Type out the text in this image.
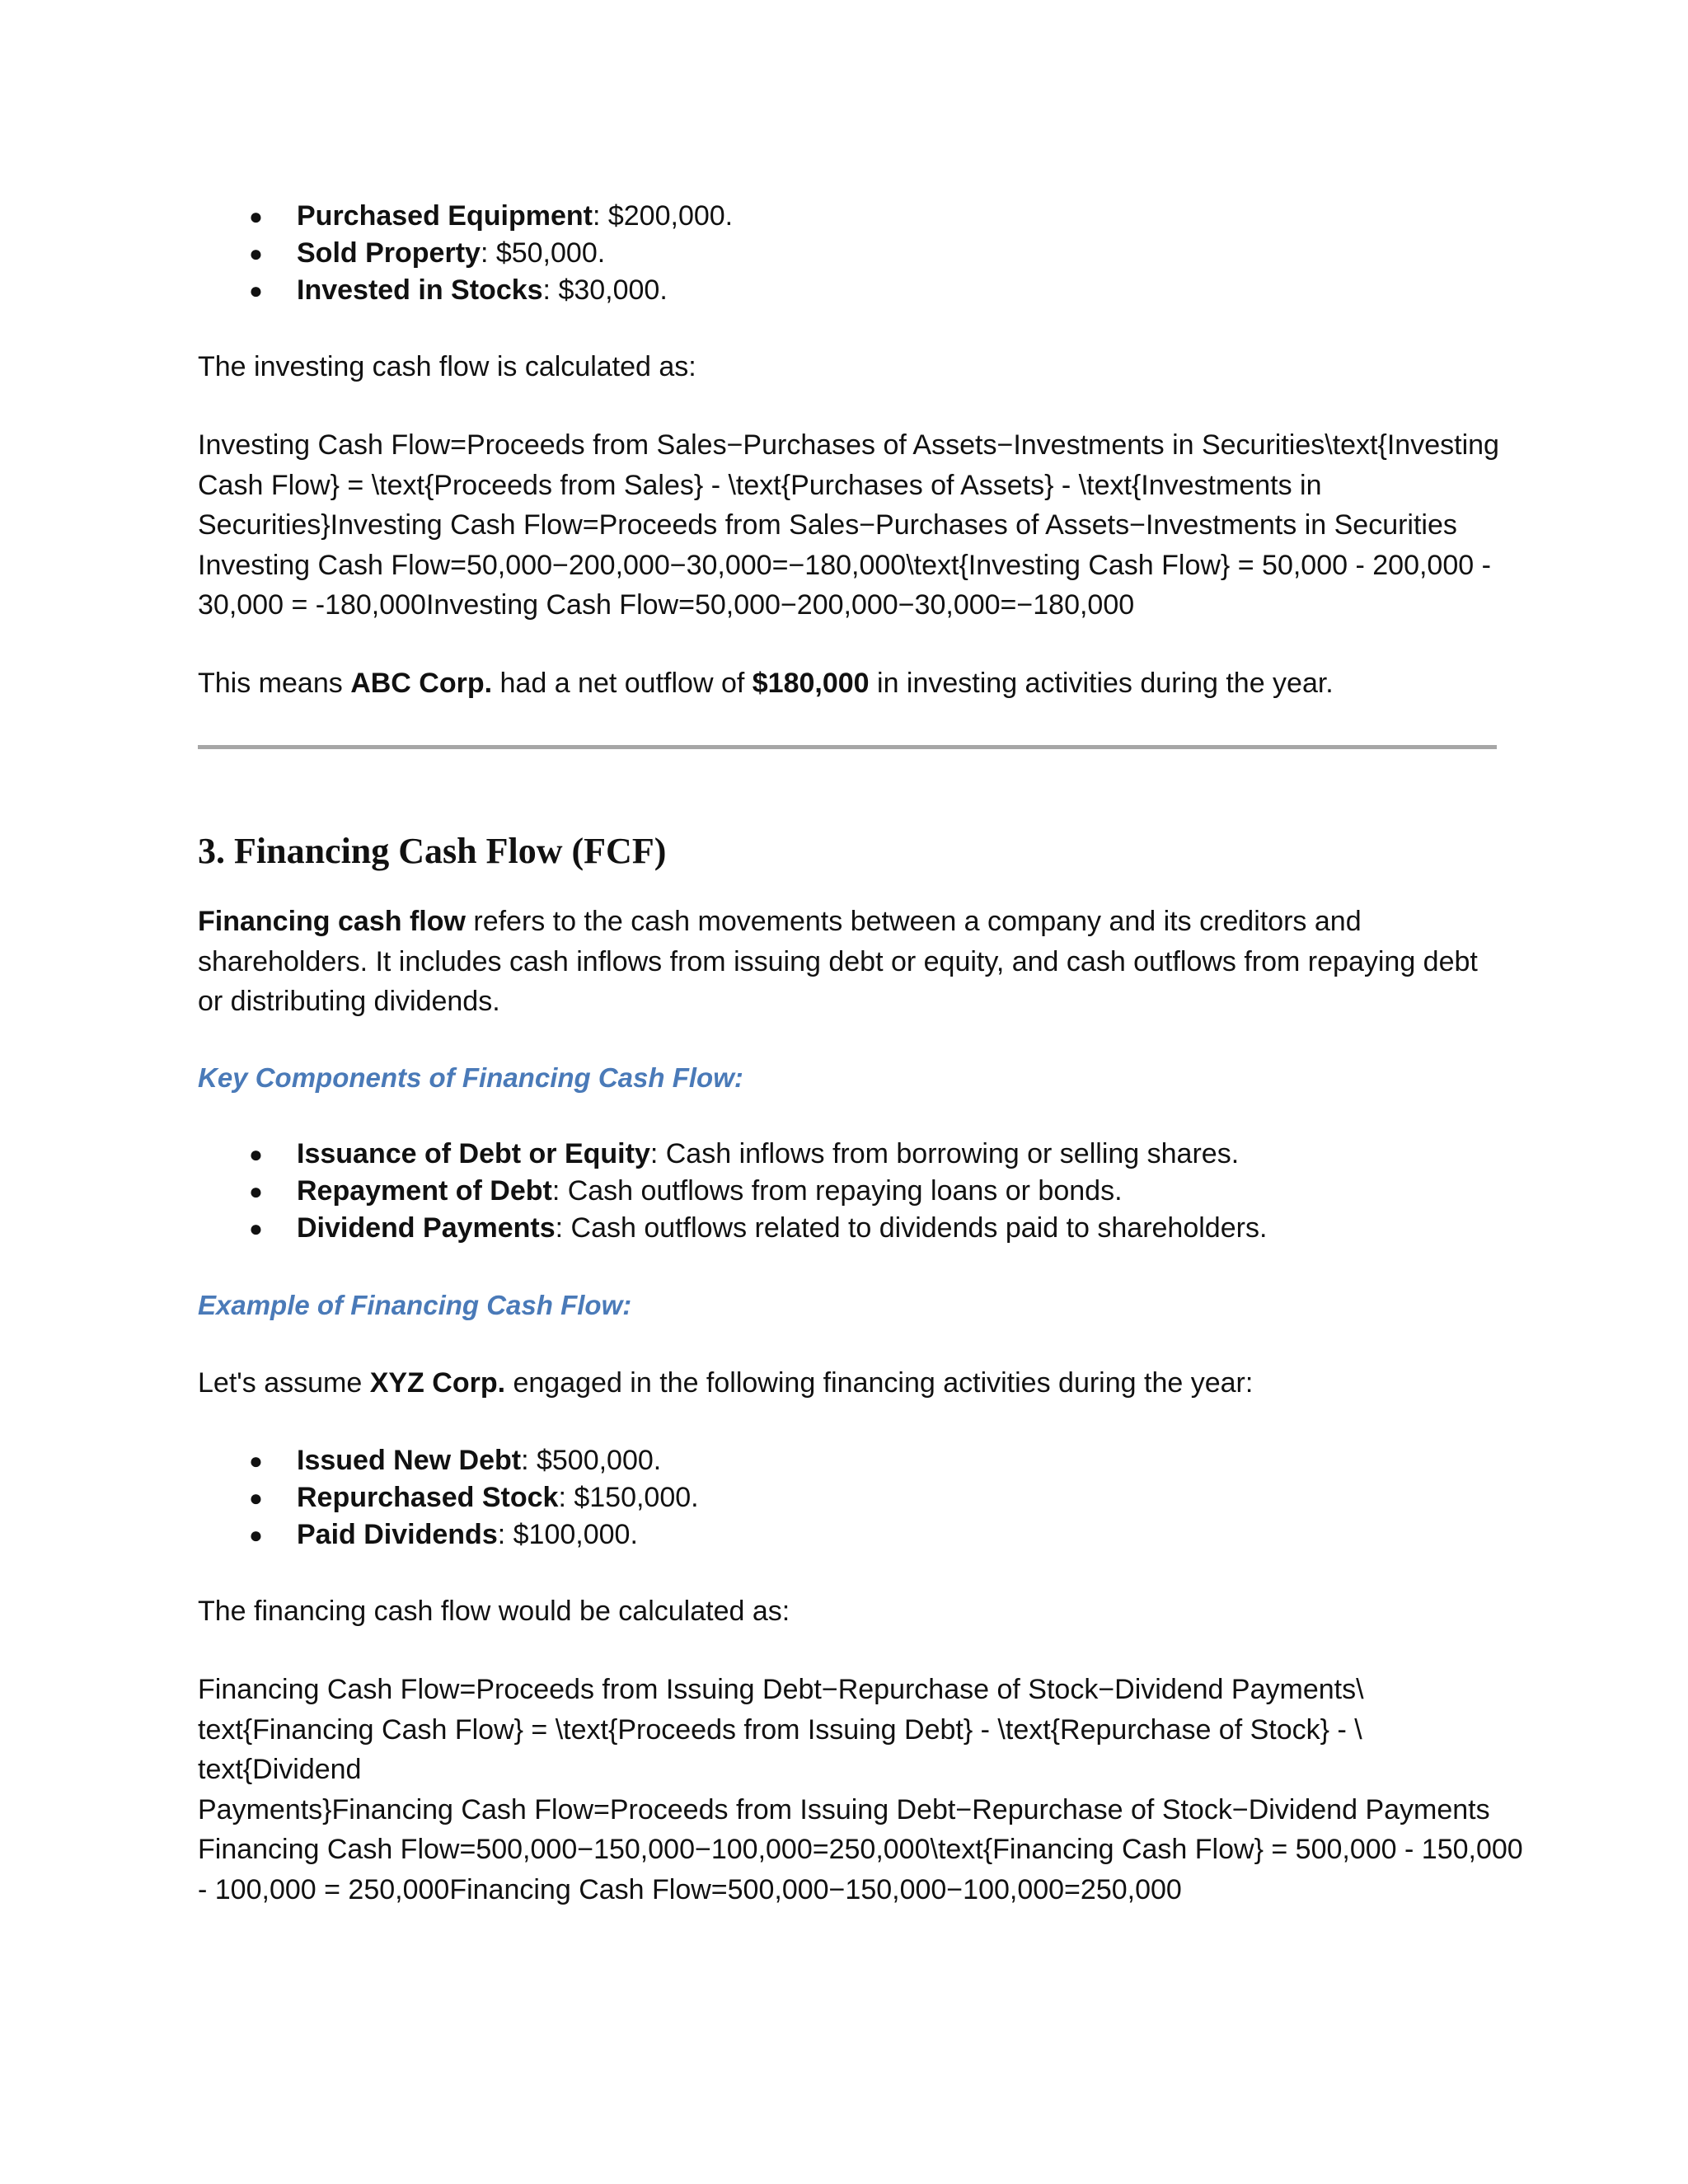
● Purchased Equipment: $200,000.
● Sold Property: $50,000.
● Invested in Stocks: $30,000.

The investing cash flow is calculated as:

Investing Cash Flow=Proceeds from Sales−Purchases of Assets−Investments in Securities\text{Investing
Cash Flow} = \text{Proceeds from Sales} - \text{Purchases of Assets} - \text{Investments in
Securities}Investing Cash Flow=Proceeds from Sales−Purchases of Assets−Investments in Securities
Investing Cash Flow=50,000−200,000−30,000=−180,000\text{Investing Cash Flow} = 50,000 - 200,000 -
30,000 = -180,000Investing Cash Flow=50,000−200,000−30,000=−180,000

This means ABC Corp. had a net outflow of $180,000 in investing activities during the year.

3. Financing Cash Flow (FCF)

Financing cash flow refers to the cash movements between a company and its creditors and
shareholders. It includes cash inflows from issuing debt or equity, and cash outflows from repaying debt
or distributing dividends.

Key Components of Financing Cash Flow:
● Issuance of Debt or Equity: Cash inflows from borrowing or selling shares.
● Repayment of Debt: Cash outflows from repaying loans or bonds.
● Dividend Payments: Cash outflows related to dividends paid to shareholders.
Example of Financing Cash Flow:

Let's assume XYZ Corp. engaged in the following financing activities during the year:

● Issued New Debt: $500,000.
● Repurchased Stock: $150,000.
● Paid Dividends: $100,000.

The financing cash flow would be calculated as:

Financing Cash Flow=Proceeds from Issuing Debt−Repurchase of Stock−Dividend Payments\
text{Financing Cash Flow} = \text{Proceeds from Issuing Debt} - \text{Repurchase of Stock} - \
text{Dividend
Payments}Financing Cash Flow=Proceeds from Issuing Debt−Repurchase of Stock−Dividend Payments
Financing Cash Flow=500,000−150,000−100,000=250,000\text{Financing Cash Flow} = 500,000 - 150,000
- 100,000 = 250,000Financing Cash Flow=500,000−150,000−100,000=250,000
